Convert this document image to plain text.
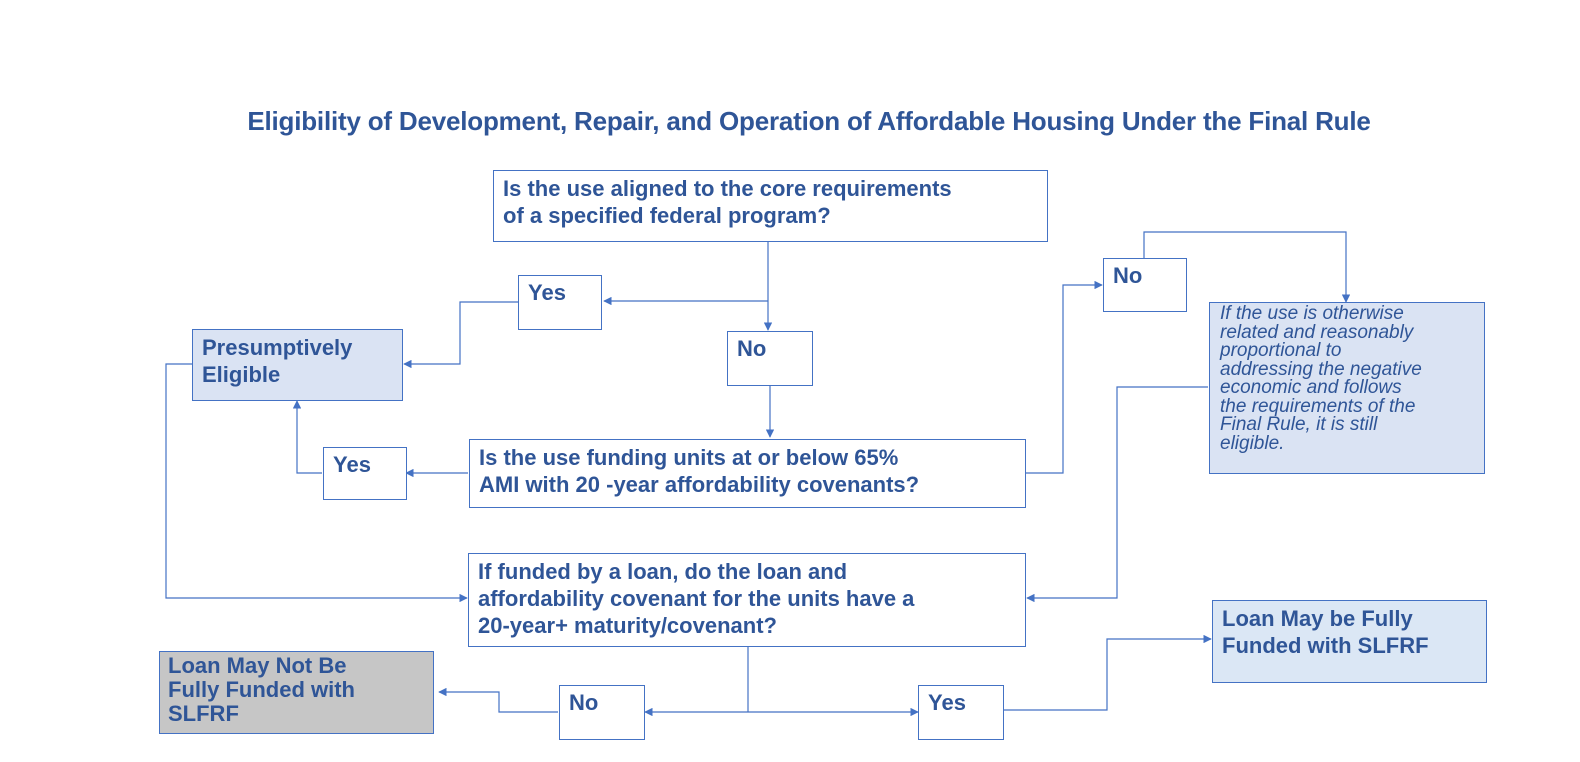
Eligibility of Development, Repair, and Operation of Affordable Housing Under the Final Rule
Is the use aligned to the core requirements
of a specified federal program?
Yes
No
Presumptively
Eligible
Is the use funding units at or below 65%
AMI with 20 -year affordability covenants?
Yes
No
If the use is otherwise
related and reasonably
proportional to
addressing the negative
economic and follows
the requirements of the
Final Rule, it is still
eligible.
If funded by a loan, do the loan and
affordability covenant for the units have a
20-year+ maturity/covenant?
No	Yes
Loan May Not Be
Fully Funded with
SLFRF
Loan May be Fully
Funded with SLFRF
